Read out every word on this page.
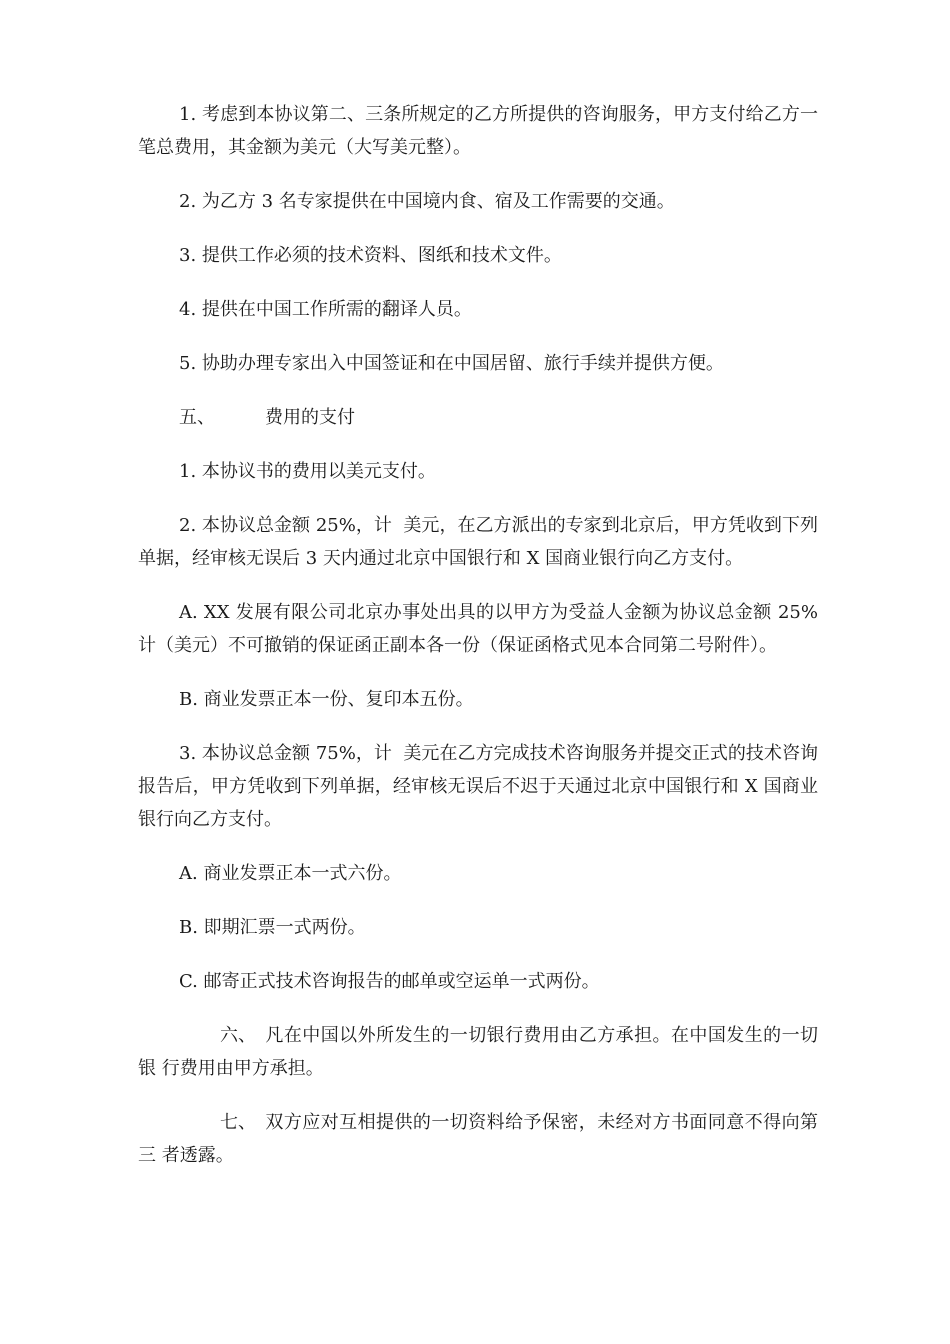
1. 考虑到本协议第二、三条所规定的乙方所提供的咨询服务，甲方支付给乙方一笔总费用，其金额为美元（大写美元整）。

2. 为乙方 3 名专家提供在中国境内食、宿及工作需要的交通。

3. 提供工作必须的技术资料、图纸和技术文件。

4. 提供在中国工作所需的翻译人员。

5. 协助办理专家出入中国签证和在中国居留、旅行手续并提供方便。

五、	费用的支付

1. 本协议书的费用以美元支付。

2. 本协议总金额 25%，计  美元，在乙方派出的专家到北京后，甲方凭收到下列单据，经审核无误后 3 天内通过北京中国银行和 X 国商业银行向乙方支付。

A. XX 发展有限公司北京办事处出具的以甲方为受益人金额为协议总金额 25%计（美元）不可撤销的保证函正副本各一份（保证函格式见本合同第二号附件）。

B. 商业发票正本一份、复印本五份。

3. 本协议总金额 75%，计  美元在乙方完成技术咨询服务并提交正式的技术咨询报告后，甲方凭收到下列单据，经审核无误后不迟于天通过北京中国银行和 X 国商业银行向乙方支付。

A. 商业发票正本一式六份。

B. 即期汇票一式两份。

C. 邮寄正式技术咨询报告的邮单或空运单一式两份。

六、 凡在中国以外所发生的一切银行费用由乙方承担。在中国发生的一切银 行费用由甲方承担。

七、 双方应对互相提供的一切资料给予保密，未经对方书面同意不得向第三 者透露。
